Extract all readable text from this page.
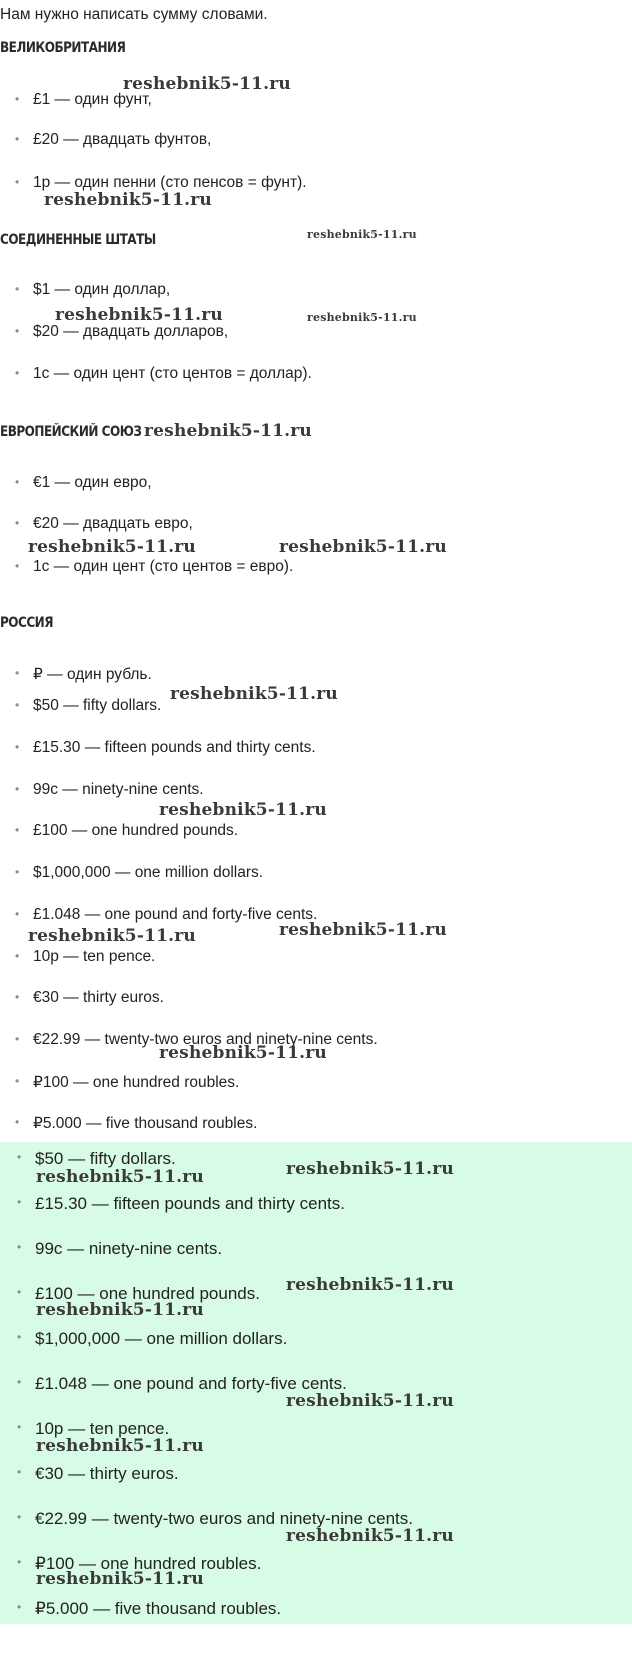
Нам нужно написать сумму словами.
ВЕЛИКОБРИТАНИЯ
• £1 — один фунт,
• £20 — двадцать фунтов,
• 1p — один пенни (сто пенсов = фунт).
СОЕДИНЕННЫЕ ШТАТЫ
• $1 — один доллар,
• $20 — двадцать долларов,
• 1c — один цент (сто центов = доллар).
ЕВРОПЕЙСКИЙ СОЮЗ
• €1 — один евро,
• €20 — двадцать евро,
• 1c — один цент (сто центов = евро).
РОССИЯ
• ₽ — один рубль.
• $50 — fifty dollars.
• £15.30 — fifteen pounds and thirty cents.
• 99c — ninety-nine cents.
• £100 — one hundred pounds.
• $1,000,000 — one million dollars.
• £1.048 — one pound and forty-five cents.
• 10p — ten pence.
• €30 — thirty euros.
• €22.99 — twenty-two euros and ninety-nine cents.
• ₽100 — one hundred roubles.
• ₽5.000 — five thousand roubles.
• $50 — fifty dollars.
• £15.30 — fifteen pounds and thirty cents.
• 99c — ninety-nine cents.
• £100 — one hundred pounds.
• $1,000,000 — one million dollars.
• £1.048 — one pound and forty-five cents.
• 10p — ten pence.
• €30 — thirty euros.
• €22.99 — twenty-two euros and ninety-nine cents.
• ₽100 — one hundred roubles.
• ₽5.000 — five thousand roubles.
reshebnik5-11.ru
reshebnik5-11.ru
reshebnik5-11.ru
reshebnik5-11.ru	reshebnik5-11.ru
reshebnik5-11.ru
reshebnik5-11.ru	reshebnik5-11.ru
reshebnik5-11.ru
reshebnik5-11.ru
reshebnik5-11.ru
reshebnik5-11.ru
reshebnik5-11.ru
reshebnik5-11.ru
reshebnik5-11.ru
reshebnik5-11.ru
reshebnik5-11.ru
reshebnik5-11.ru
reshebnik5-11.ru
reshebnik5-11.ru
reshebnik5-11.ru
